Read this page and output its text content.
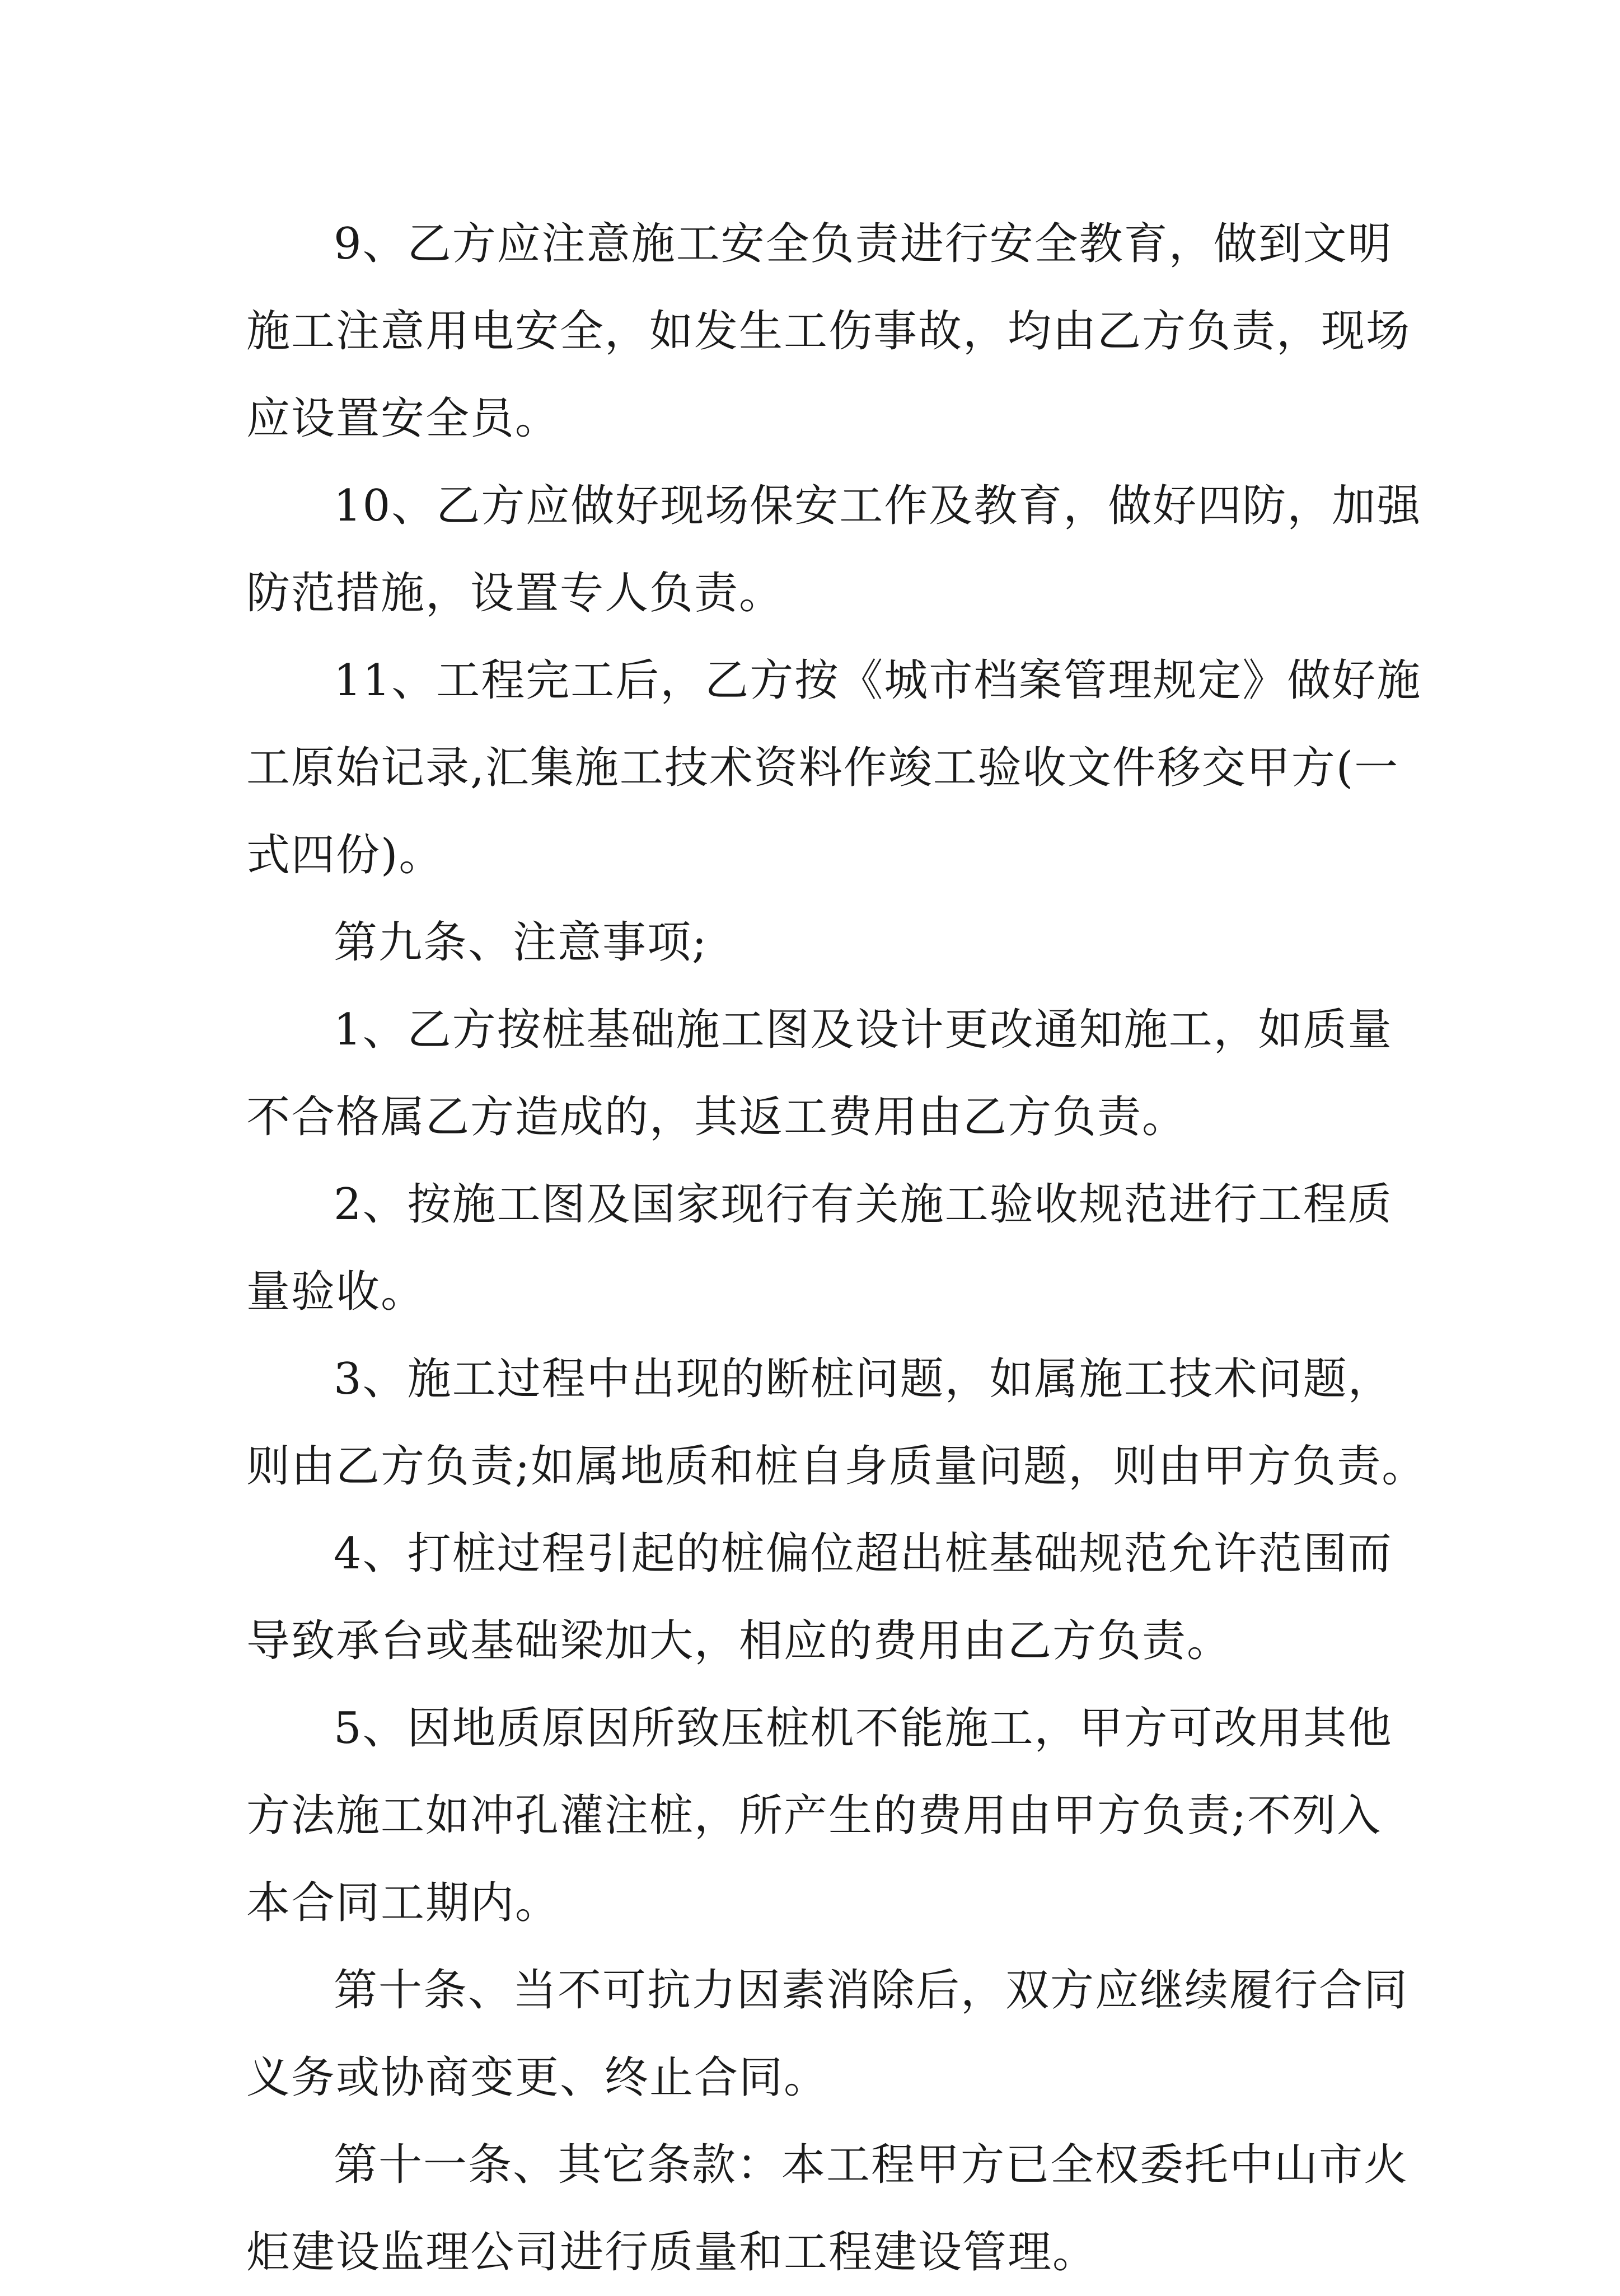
9、乙方应注意施工安全负责进行安全教育，做到文明
施工注意用电安全，如发生工伤事故，均由乙方负责，现场
应设置安全员。

10、乙方应做好现场保安工作及教育，做好四防，加强
防范措施，设置专人负责。

11、工程完工后，乙方按《城市档案管理规定》做好施
工原始记录,汇集施工技术资料作竣工验收文件移交甲方(一
式四份)。

第九条、注意事项;

1、乙方按桩基础施工图及设计更改通知施工，如质量
不合格属乙方造成的，其返工费用由乙方负责。

2、按施工图及国家现行有关施工验收规范进行工程质
量验收。

3、施工过程中出现的断桩问题，如属施工技术问题，
则由乙方负责;如属地质和桩自身质量问题，则由甲方负责。

4、打桩过程引起的桩偏位超出桩基础规范允许范围而
导致承台或基础梁加大，相应的费用由乙方负责。

5、因地质原因所致压桩机不能施工，甲方可改用其他
方法施工如冲孔灌注桩，所产生的费用由甲方负责;不列入
本合同工期内。

第十条、当不可抗力因素消除后，双方应继续履行合同
义务或协商变更、终止合同。

第十一条、其它条款：本工程甲方已全权委托中山市火
炬建设监理公司进行质量和工程建设管理。
